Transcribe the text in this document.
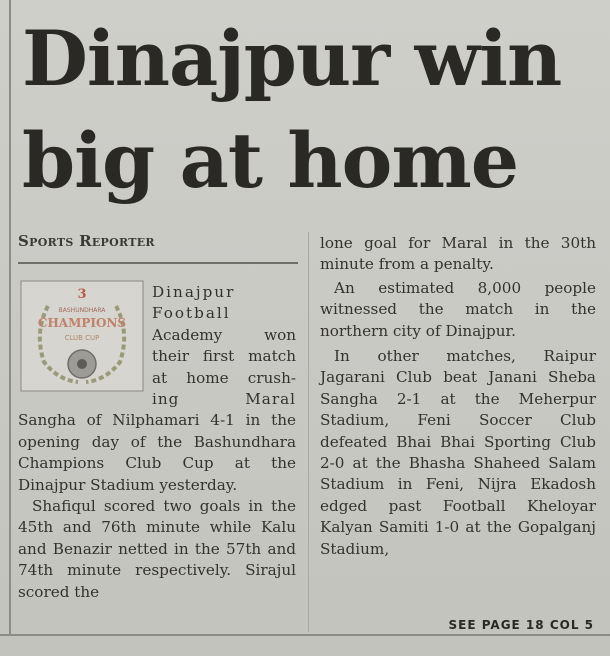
Dinajpur win big at home
Sports Reporter
3
BASHUNDHARA
CHAMPIONS
CLUB CUP
Dinajpur
Football
Academy won
their first match
at home crush-
ing Maral

Sangha of Nilphamari 4-1 in the opening day of the Bashundhara Champions Club Cup at the Dinajpur Stadium yesterday.

Shafiqul scored two goals in the 45th and 76th minute while Kalu and Benazir netted in the 57th and 74th minute respectively. Sirajul scored the

lone goal for Maral in the 30th minute from a penalty.

An estimated 8,000 people witnessed the match in the northern city of Dinajpur.

In other matches, Raipur Jagarani Club beat Janani Sheba Sangha 2-1 at the Meherpur Stadium, Feni Soccer Club defeated Bhai Bhai Sporting Club 2-0 at the Bhasha Shaheed Salam Stadium in Feni, Nijra Ekadosh edged past Football Kheloyar Kalyan Samiti 1-0 at the Gopalganj Stadium,

SEE PAGE 18 COL 5
